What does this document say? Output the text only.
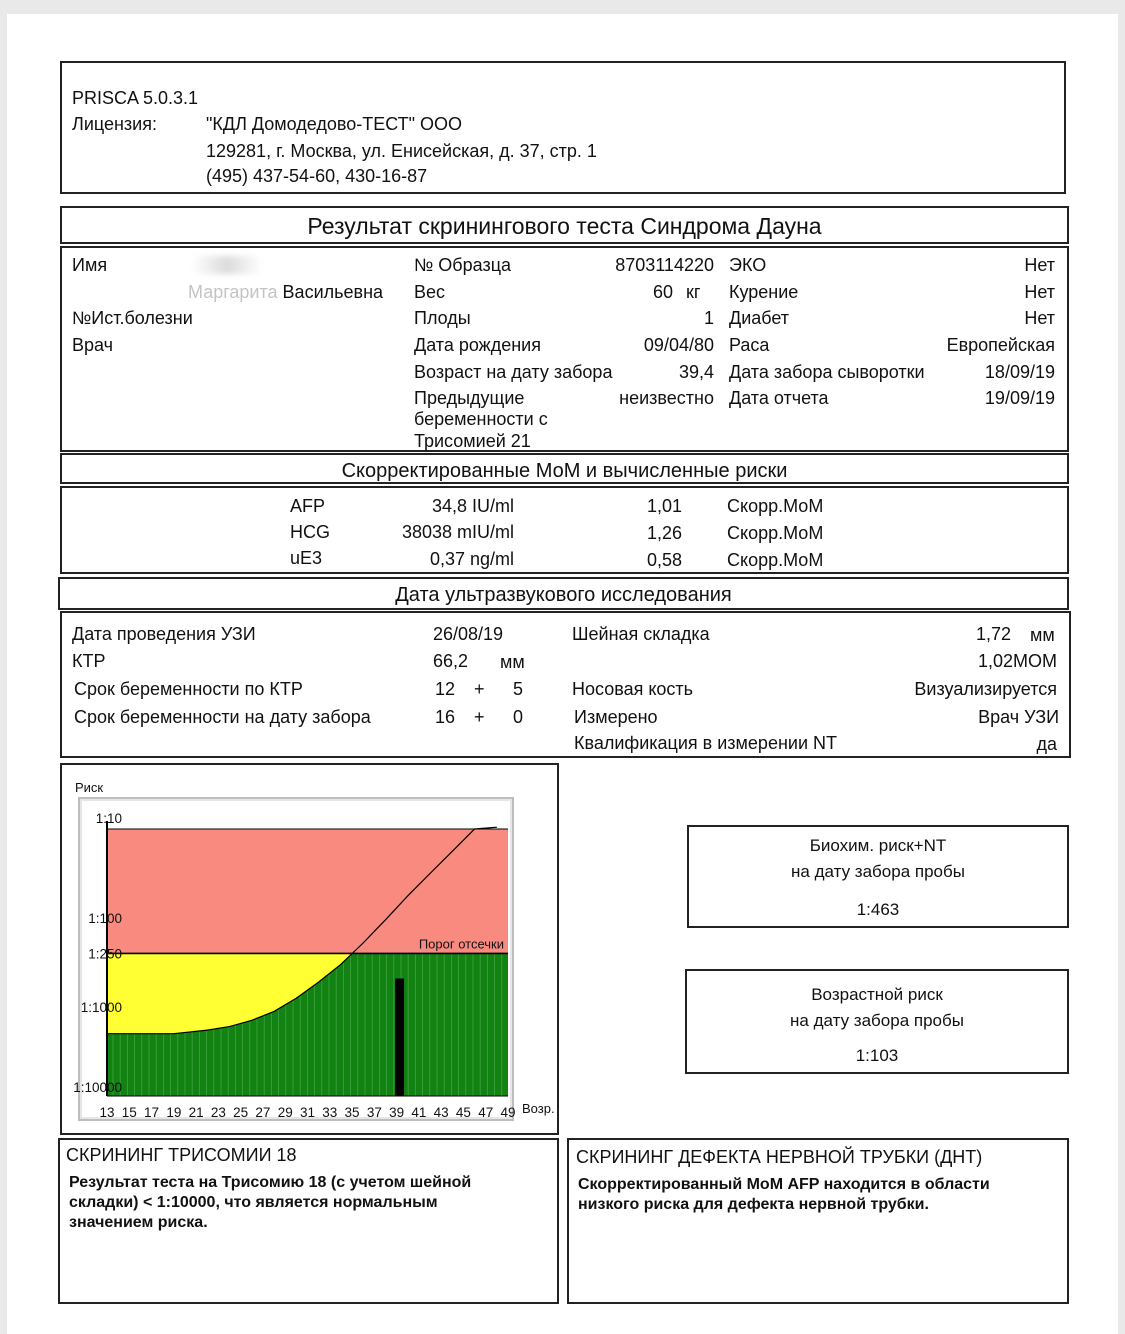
PRISCA 5.0.3.1
Лицензия:	"КДЛ Домодедово-ТЕСТ" ООО
129281, г. Москва, ул. Енисейская, д. 37, стр. 1
(495) 437-54-60, 430-16-87
Результат скринингового теста Синдрома Дауна
Имя
Маргарита Васильевна
№Ист.болезни
Врач
№ Образца	8703114220
Вес	60 кг
Плоды	1
Дата рождения	09/04/80
Возраст на дату забора	39,4
Предыдущие
беременности с
Трисомией 21
неизвестно
ЭКО	Нет
Курение	Нет
Диабет	Нет
Раса	Европейская
Дата забора сыворотки	18/09/19
Дата отчета	19/09/19
Скорректированные МоМ и вычисленные риски
AFP	34,8 IU/ml	1,01	Скорр.МоМ
HCG	38038 mIU/ml	1,26	Скорр.МоМ
uE3	0,37 ng/ml	0,58	Скорр.МоМ
Дата ультразвукового исследования
Дата проведения УЗИ	26/08/19
КТР	66,2 мм
Срок беременности по КТР	12 + 5
Срок беременности на дату забора	16 + 0
Шейная складка	1,72 мм
1,02МОМ
Носовая кость	Визуализируется
Измерено	Врач УЗИ
Квалификация в измерении NT	да
Риск
Возр.
Порог отсечки
1:10
1:100
1:250
1:1000
1:10000
13 15 17 19 21 23 25 27 29 31 33 35 37 39 41 43 45 47 49
Биохим. риск+NT
на дату забора пробы
1:463
Возрастной риск
на дату забора пробы
1:103
СКРИНИНГ ТРИСОМИИ 18
Результат теста на Трисомию 18 (с учетом шейной складки) < 1:10000, что является нормальным значением риска.
СКРИНИНГ ДЕФЕКТА НЕРВНОЙ ТРУБКИ (ДНТ)
Скорректированный МоМ AFP находится в области низкого риска для дефекта нервной трубки.
